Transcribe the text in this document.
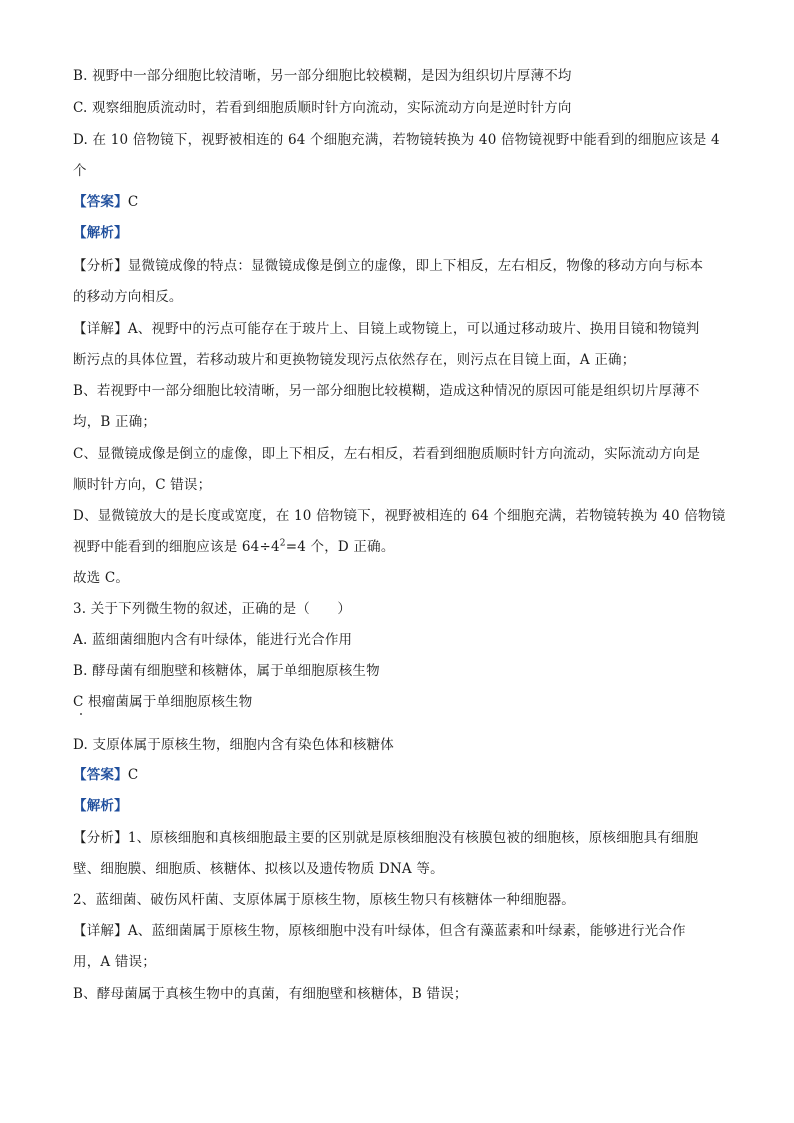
B. 视野中一部分细胞比较清晰，另一部分细胞比较模糊，是因为组织切片厚薄不均
C. 观察细胞质流动时，若看到细胞质顺时针方向流动，实际流动方向是逆时针方向
D. 在 10 倍物镜下，视野被相连的 64 个细胞充满，若物镜转换为 40 倍物镜视野中能看到的细胞应该是 4
个
【答案】C
【解析】
【分析】显微镜成像的特点：显微镜成像是倒立的虚像，即上下相反，左右相反，物像的移动方向与标本
的移动方向相反。
【详解】A、视野中的污点可能存在于玻片上、目镜上或物镜上，可以通过移动玻片、换用目镜和物镜判
断污点的具体位置，若移动玻片和更换物镜发现污点依然存在，则污点在目镜上面，A 正确；
B、若视野中一部分细胞比较清晰，另一部分细胞比较模糊，造成这种情况的原因可能是组织切片厚薄不
均，B 正确；
C、显微镜成像是倒立的虚像，即上下相反，左右相反，若看到细胞质顺时针方向流动，实际流动方向是
顺时针方向，C 错误；
D、显微镜放大的是长度或宽度，在 10 倍物镜下，视野被相连的 64 个细胞充满，若物镜转换为 40 倍物镜
视野中能看到的细胞应该是 $64\div 4^2=4$ 个，D 正确。
故选 C。
3. 关于下列微生物的叙述，正确的是（　　）
A. 蓝细菌细胞内含有叶绿体，能进行光合作用
B. 酵母菌有细胞壁和核糖体，属于单细胞原核生物
C 根瘤菌属于单细胞原核生物
D. 支原体属于原核生物，细胞内含有染色体和核糖体
【答案】C
【解析】
【分析】1、原核细胞和真核细胞最主要的区别就是原核细胞没有核膜包被的细胞核，原核细胞具有细胞
壁、细胞膜、细胞质、核糖体、拟核以及遗传物质 DNA 等。
2、蓝细菌、破伤风杆菌、支原体属于原核生物，原核生物只有核糖体一种细胞器。
【详解】A、蓝细菌属于原核生物，原核细胞中没有叶绿体，但含有藻蓝素和叶绿素，能够进行光合作
用，A 错误；
B、酵母菌属于真核生物中的真菌，有细胞壁和核糖体，B 错误；
